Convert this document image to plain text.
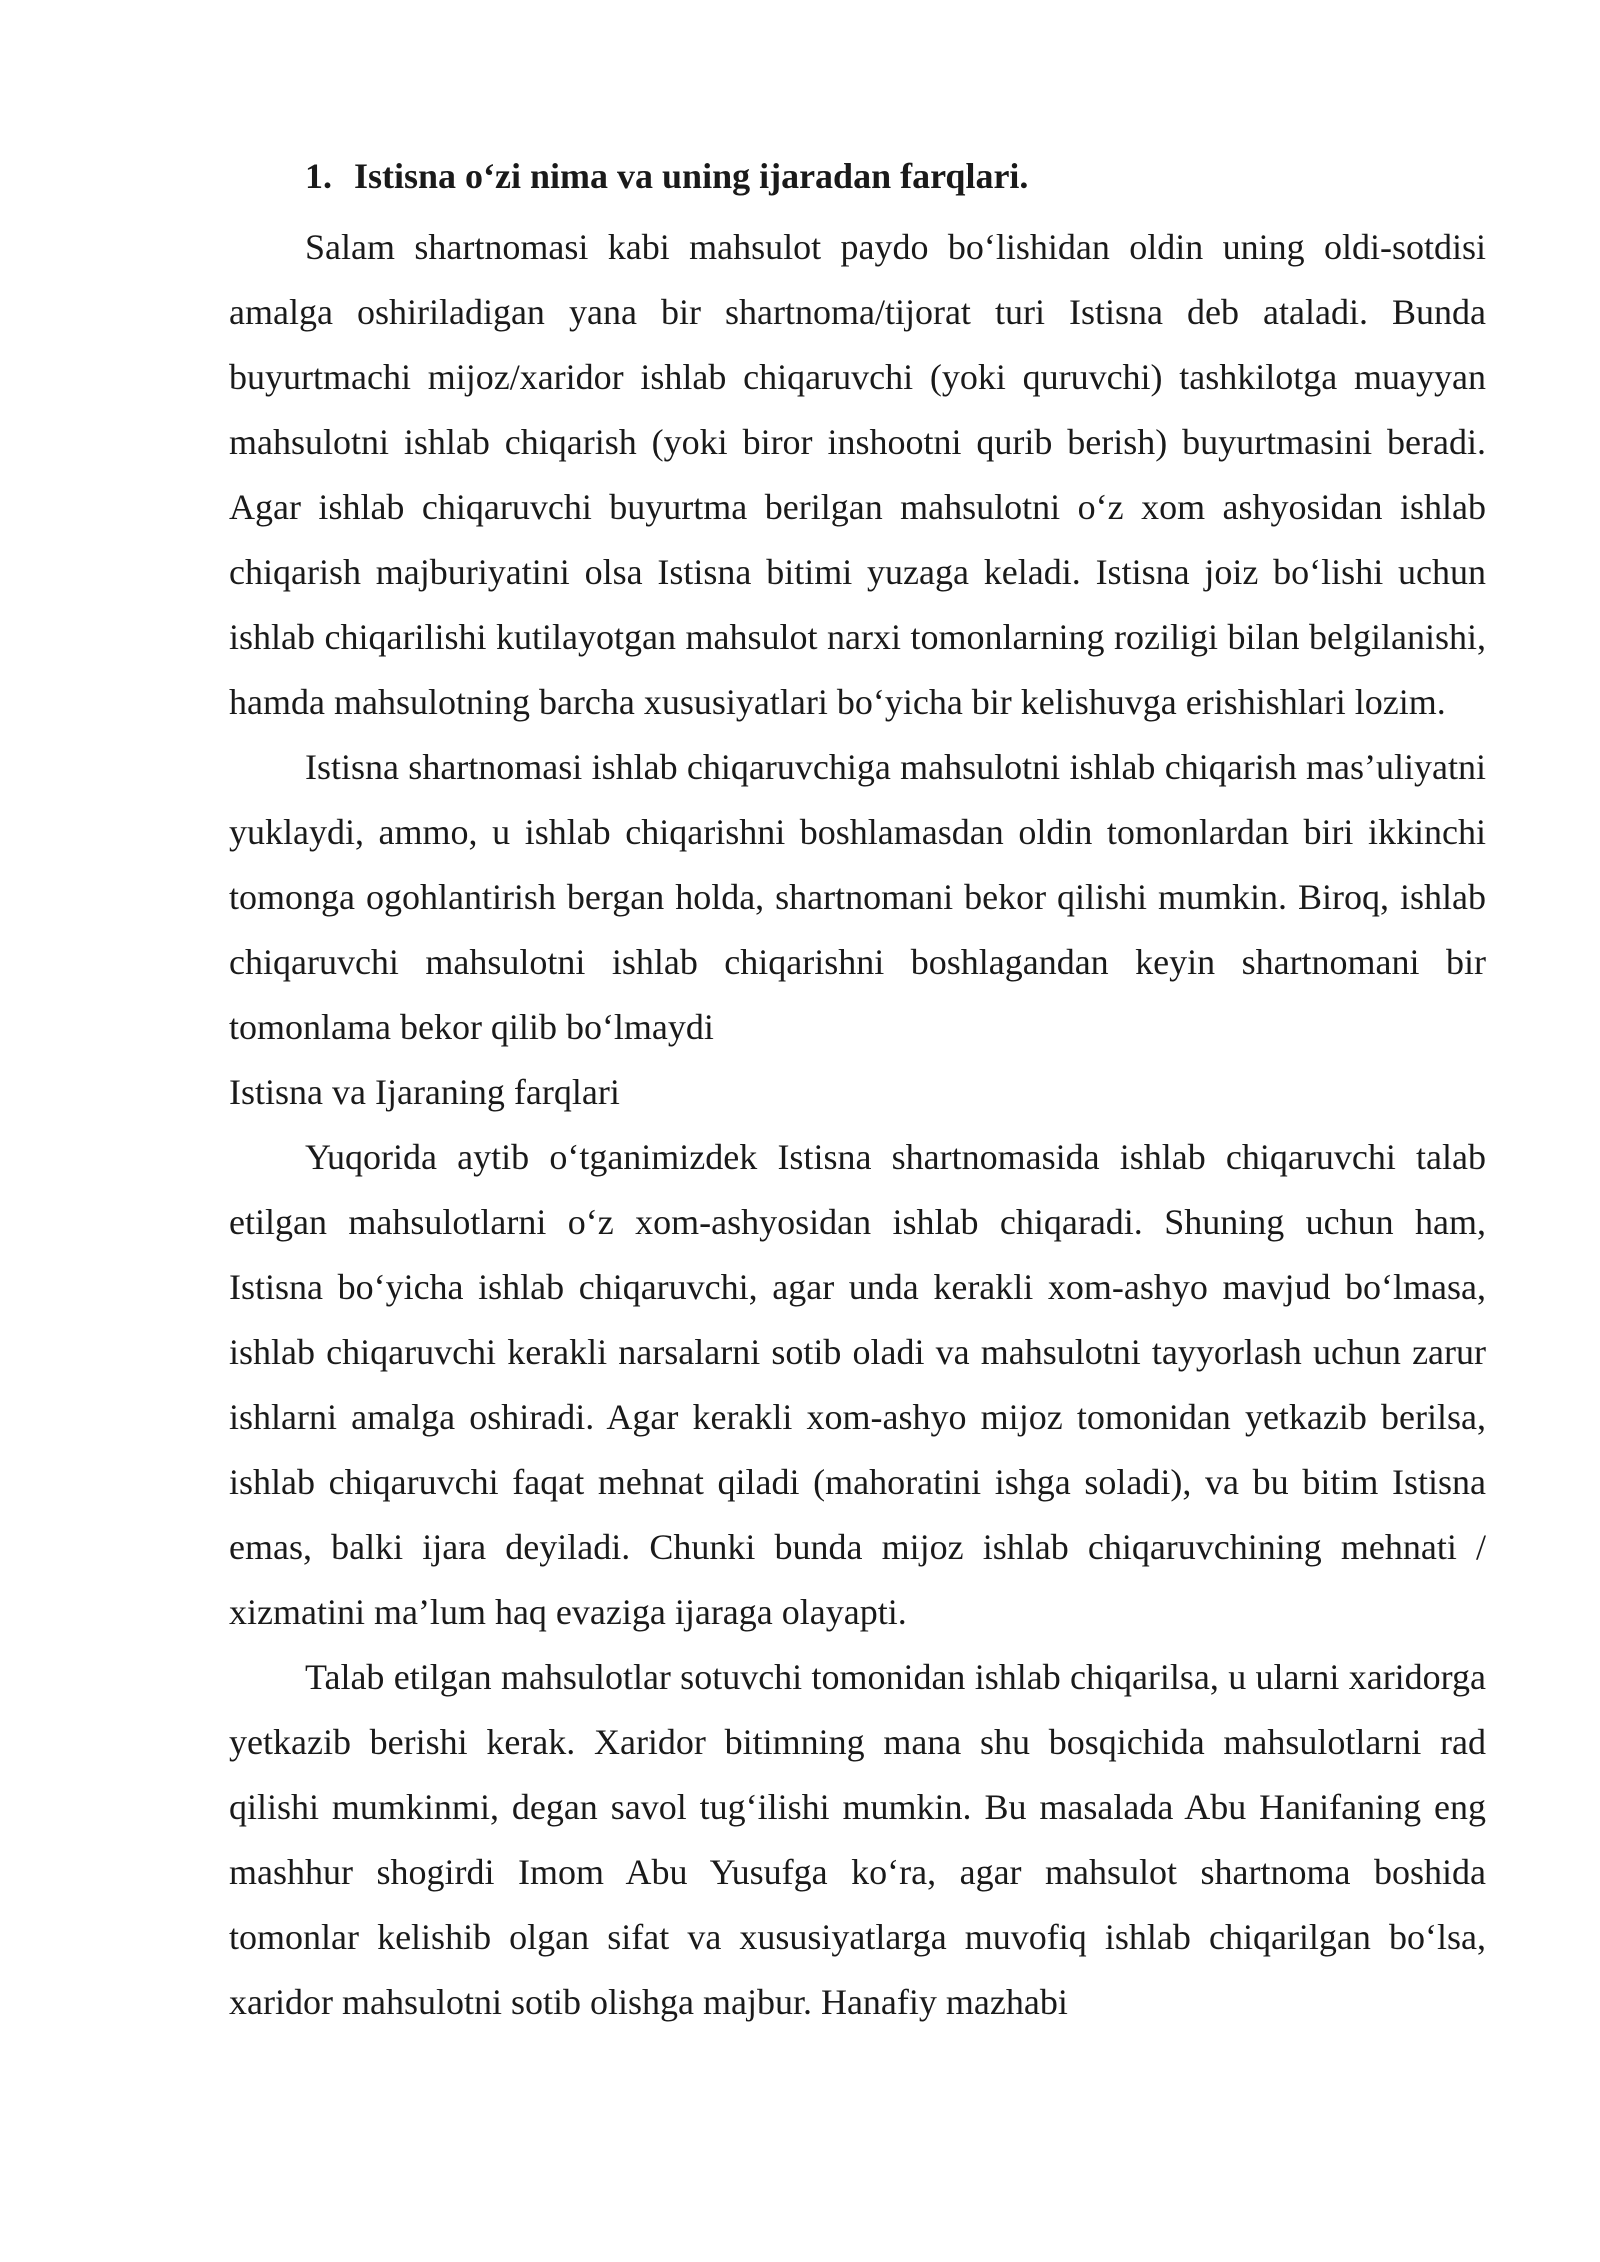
1. Istisna o‘zi nima va uning ijaradan farqlari.

Salam shartnomasi kabi mahsulot paydo bo‘lishidan oldin uning oldi-sotdisi amalga oshiriladigan yana bir shartnoma/tijorat turi Istisna deb ataladi. Bunda buyurtmachi mijoz/xaridor ishlab chiqaruvchi (yoki quruvchi) tashkilotga muayyan mahsulotni ishlab chiqarish (yoki biror inshootni qurib berish) buyurtmasini beradi. Agar ishlab chiqaruvchi buyurtma berilgan mahsulotni o‘z xom ashyosidan ishlab chiqarish majburiyatini olsa Istisna bitimi yuzaga keladi. Istisna joiz bo‘lishi uchun ishlab chiqarilishi kutilayotgan mahsulot narxi tomonlarning roziligi bilan belgilanishi, hamda mahsulotning barcha xususiyatlari bo‘yicha bir kelishuvga erishishlari lozim.

Istisna shartnomasi ishlab chiqaruvchiga mahsulotni ishlab chiqarish mas’uliyatni yuklaydi, ammo, u ishlab chiqarishni boshlamasdan oldin tomonlardan biri ikkinchi tomonga ogohlantirish bergan holda, shartnomani bekor qilishi mumkin. Biroq, ishlab chiqaruvchi mahsulotni ishlab chiqarishni boshlagandan keyin shartnomani bir tomonlama bekor qilib bo‘lmaydi

Istisna va Ijaraning farqlari

Yuqorida aytib o‘tganimizdek Istisna shartnomasida ishlab chiqaruvchi talab etilgan mahsulotlarni o‘z xom-ashyosidan ishlab chiqaradi. Shuning uchun ham, Istisna bo‘yicha ishlab chiqaruvchi, agar unda kerakli xom-ashyo mavjud bo‘lmasa, ishlab chiqaruvchi kerakli narsalarni sotib oladi va mahsulotni tayyorlash uchun zarur ishlarni amalga oshiradi. Agar kerakli xom-ashyo mijoz tomonidan yetkazib berilsa, ishlab chiqaruvchi faqat mehnat qiladi (mahoratini ishga soladi), va bu bitim Istisna emas, balki ijara deyiladi. Chunki bunda mijoz ishlab chiqaruvchining mehnati / xizmatini ma’lum haq evaziga ijaraga olayapti.

Talab etilgan mahsulotlar sotuvchi tomonidan ishlab chiqarilsa, u ularni xaridorga yetkazib berishi kerak. Xaridor bitimning mana shu bosqichida mahsulotlarni rad qilishi mumkinmi, degan savol tug‘ilishi mumkin. Bu masalada Abu Hanifaning eng mashhur shogirdi Imom Abu Yusufga ko‘ra, agar mahsulot shartnoma boshida tomonlar kelishib olgan sifat va xususiyatlarga muvofiq ishlab chiqarilgan bo‘lsa, xaridor mahsulotni sotib olishga majbur. Hanafiy mazhabi
